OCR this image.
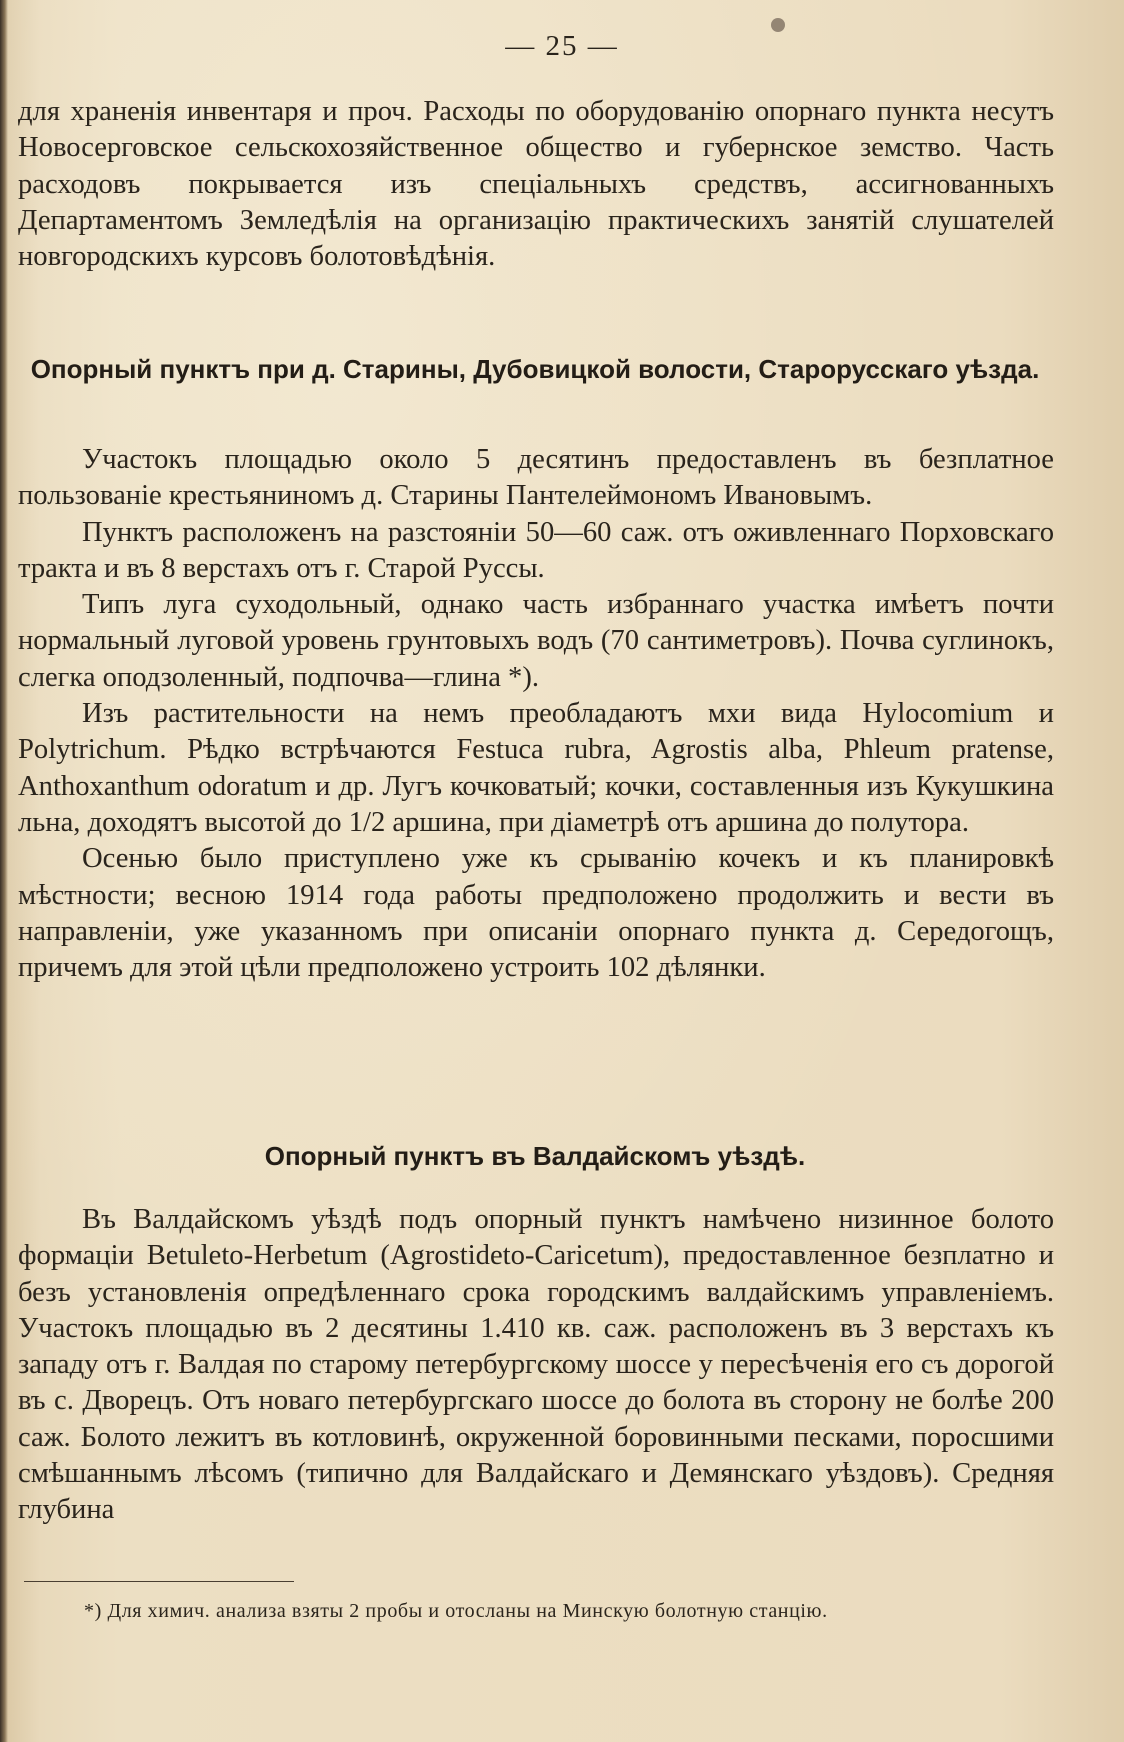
— 25 —

для храненія инвентаря и проч. Расходы по оборудованію опорнаго пункта несутъ Новосерговское сельскохозяйственное общество и губернское земство. Часть расходовъ покрывается изъ спеціальныхъ средствъ, ассигнованныхъ Департаментомъ Земледѣлія на организацію практическихъ занятій слушателей новгородскихъ курсовъ болотовѣдѣнія.

Опорный пунктъ при д. Старины, Дубовицкой волости, Старорусскаго уѣзда.

Участокъ площадью около 5 десятинъ предоставленъ въ безплатное пользованіе крестьяниномъ д. Старины Пантелеймономъ Ивановымъ.

Пунктъ расположенъ на разстояніи 50—60 саж. отъ оживленнаго Порховскаго тракта и въ 8 верстахъ отъ г. Старой Руссы.

Типъ луга суходольный, однако часть избраннаго участка имѣетъ почти нормальный луговой уровень грунтовыхъ водъ (70 сантиметровъ). Почва суглинокъ, слегка оподзоленный, подпочва—глина *).

Изъ растительности на немъ преобладаютъ мхи вида Hylocomium и Polytrichum. Рѣдко встрѣчаются Festuca rubra, Agrostis alba, Phleum pratense, Anthoxanthum odoratum и др. Лугъ кочковатый; кочки, составленныя изъ Кукушкина льна, доходятъ высотой до 1/2 аршина, при діаметрѣ отъ аршина до полутора.

Осенью было приступлено уже къ срыванію кочекъ и къ планировкѣ мѣстности; весною 1914 года работы предположено продолжить и вести въ направленіи, уже указанномъ при описаніи опорнаго пункта д. Середогощъ, причемъ для этой цѣли предположено устроить 102 дѣлянки.

Опорный пунктъ въ Валдайскомъ уѣздѣ.

Въ Валдайскомъ уѣздѣ подъ опорный пунктъ намѣчено низинное болото формаціи Betuleto-Herbetum (Agrostideto-Caricetum), предоставленное безплатно и безъ установленія опредѣленнаго срока городскимъ валдайскимъ управленіемъ. Участокъ площадью въ 2 десятины 1.410 кв. саж. расположенъ въ 3 верстахъ къ западу отъ г. Валдая по старому петербургскому шоссе у пересѣченія его съ дорогой въ с. Дворецъ. Отъ новаго петербургскаго шоссе до болота въ сторону не болѣе 200 саж. Болото лежитъ въ котловинѣ, окруженной боровинными песками, поросшими смѣшаннымъ лѣсомъ (типично для Валдайскаго и Демянскаго уѣздовъ). Средняя глубина

*) Для химич. анализа взяты 2 пробы и отосланы на Минскую болотную станцію.
